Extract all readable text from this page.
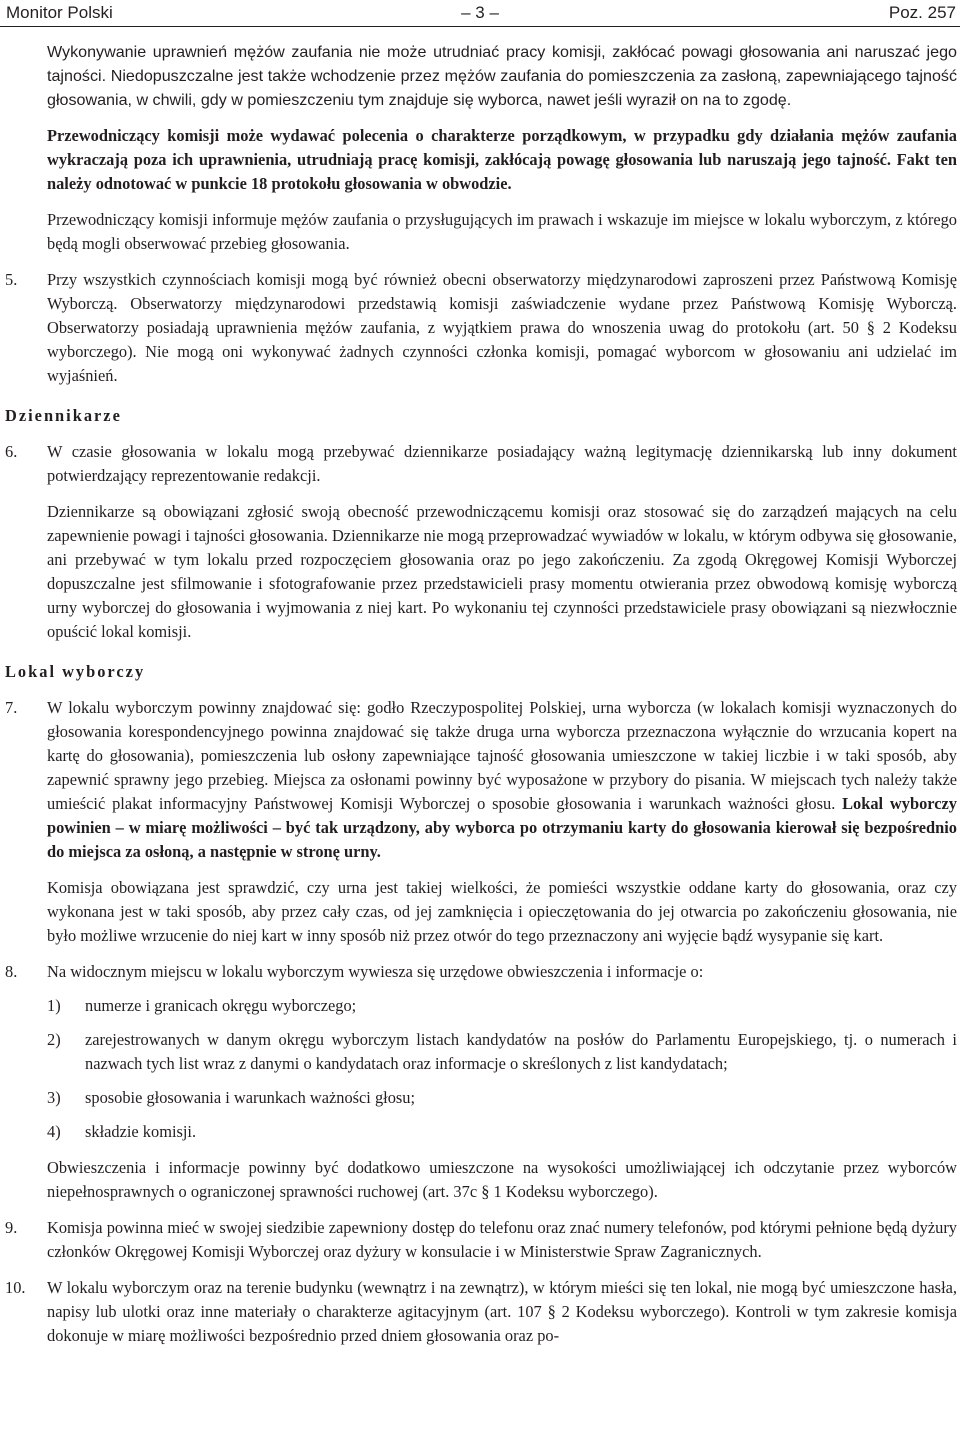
Monitor Polski	– 3 –	Poz. 257

Wykonywanie uprawnień mężów zaufania nie może utrudniać pracy komisji, zakłócać powagi głosowania ani naruszać jego tajności. Niedopuszczalne jest także wchodzenie przez mężów zaufania do pomieszczenia za zasłoną, zapewniającego tajność głosowania, w chwili, gdy w pomieszczeniu tym znajduje się wyborca, nawet jeśli wyraził on na to zgodę.

Przewodniczący komisji może wydawać polecenia o charakterze porządkowym, w przypadku gdy działania mężów zaufania wykraczają poza ich uprawnienia, utrudniają pracę komisji, zakłócają powagę głosowania lub naruszają jego tajność. Fakt ten należy odnotować w punkcie 18 protokołu głosowania w obwodzie.

Przewodniczący komisji informuje mężów zaufania o przysługujących im prawach i wskazuje im miejsce w lokalu wyborczym, z którego będą mogli obserwować przebieg głosowania.

5.	Przy wszystkich czynnościach komisji mogą być również obecni obserwatorzy międzynarodowi zaproszeni przez Państwową Komisję Wyborczą. Obserwatorzy międzynarodowi przedstawią komisji zaświadczenie wydane przez Państwową Komisję Wyborczą. Obserwatorzy posiadają uprawnienia mężów zaufania, z wyjątkiem prawa do wnoszenia uwag do protokołu (art. 50 § 2 Kodeksu wyborczego). Nie mogą oni wykonywać żadnych czynności członka komisji, pomagać wyborcom w głosowaniu ani udzielać im wyjaśnień.
Dziennikarze
6.	W czasie głosowania w lokalu mogą przebywać dziennikarze posiadający ważną legitymację dziennikarską lub inny dokument potwierdzający reprezentowanie redakcji.

Dziennikarze są obowiązani zgłosić swoją obecność przewodniczącemu komisji oraz stosować się do zarządzeń mających na celu zapewnienie powagi i tajności głosowania. Dziennikarze nie mogą przeprowadzać wywiadów w lokalu, w którym odbywa się głosowanie, ani przebywać w tym lokalu przed rozpoczęciem głosowania oraz po jego zakończeniu. Za zgodą Okręgowej Komisji Wyborczej dopuszczalne jest sfilmowanie i sfotografowanie przez przedstawicieli prasy momentu otwierania przez obwodową komisję wyborczą urny wyborczej do głosowania i wyjmowania z niej kart. Po wykonaniu tej czynności przedstawiciele prasy obowiązani są niezwłocznie opuścić lokal komisji.

Lokal wyborczy
7.	W lokalu wyborczym powinny znajdować się: godło Rzeczypospolitej Polskiej, urna wyborcza (w lokalach komisji wyznaczonych do głosowania korespondencyjnego powinna znajdować się także druga urna wyborcza przeznaczona wyłącznie do wrzucania kopert na kartę do głosowania), pomieszczenia lub osłony zapewniające tajność głosowania umieszczone w takiej liczbie i w taki sposób, aby zapewnić sprawny jego przebieg. Miejsca za osłonami powinny być wyposażone w przybory do pisania. W miejscach tych należy także umieścić plakat informacyjny Państwowej Komisji Wyborczej o sposobie głosowania i warunkach ważności głosu. Lokal wyborczy powinien – w miarę możliwości – być tak urządzony, aby wyborca po otrzymaniu karty do głosowania kierował się bezpośrednio do miejsca za osłoną, a następnie w stronę urny.

Komisja obowiązana jest sprawdzić, czy urna jest takiej wielkości, że pomieści wszystkie oddane karty do głosowania, oraz czy wykonana jest w taki sposób, aby przez cały czas, od jej zamknięcia i opieczętowania do jej otwarcia po zakończeniu głosowania, nie było możliwe wrzucenie do niej kart w inny sposób niż przez otwór do tego przeznaczony ani wyjęcie bądź wysypanie się kart.

8.	Na widocznym miejscu w lokalu wyborczym wywiesza się urzędowe obwieszczenia i informacje o:
1)	numerze i granicach okręgu wyborczego;
2)	zarejestrowanych w danym okręgu wyborczym listach kandydatów na posłów do Parlamentu Europejskiego, tj. o numerach i nazwach tych list wraz z danymi o kandydatach oraz informacje o skreślonych z list kandydatach;
3)	sposobie głosowania i warunkach ważności głosu;
4)	składzie komisji.

Obwieszczenia i informacje powinny być dodatkowo umieszczone na wysokości umożliwiającej ich odczytanie przez wyborców niepełnosprawnych o ograniczonej sprawności ruchowej (art. 37c § 1 Kodeksu wyborczego).

9.	Komisja powinna mieć w swojej siedzibie zapewniony dostęp do telefonu oraz znać numery telefonów, pod którymi pełnione będą dyżury członków Okręgowej Komisji Wyborczej oraz dyżury w konsulacie i w Ministerstwie Spraw Zagranicznych.
10.	W lokalu wyborczym oraz na terenie budynku (wewnątrz i na zewnątrz), w którym mieści się ten lokal, nie mogą być umieszczone hasła, napisy lub ulotki oraz inne materiały o charakterze agitacyjnym (art. 107 § 2 Kodeksu wyborczego). Kontroli w tym zakresie komisja dokonuje w miarę możliwości bezpośrednio przed dniem głosowania oraz po-
